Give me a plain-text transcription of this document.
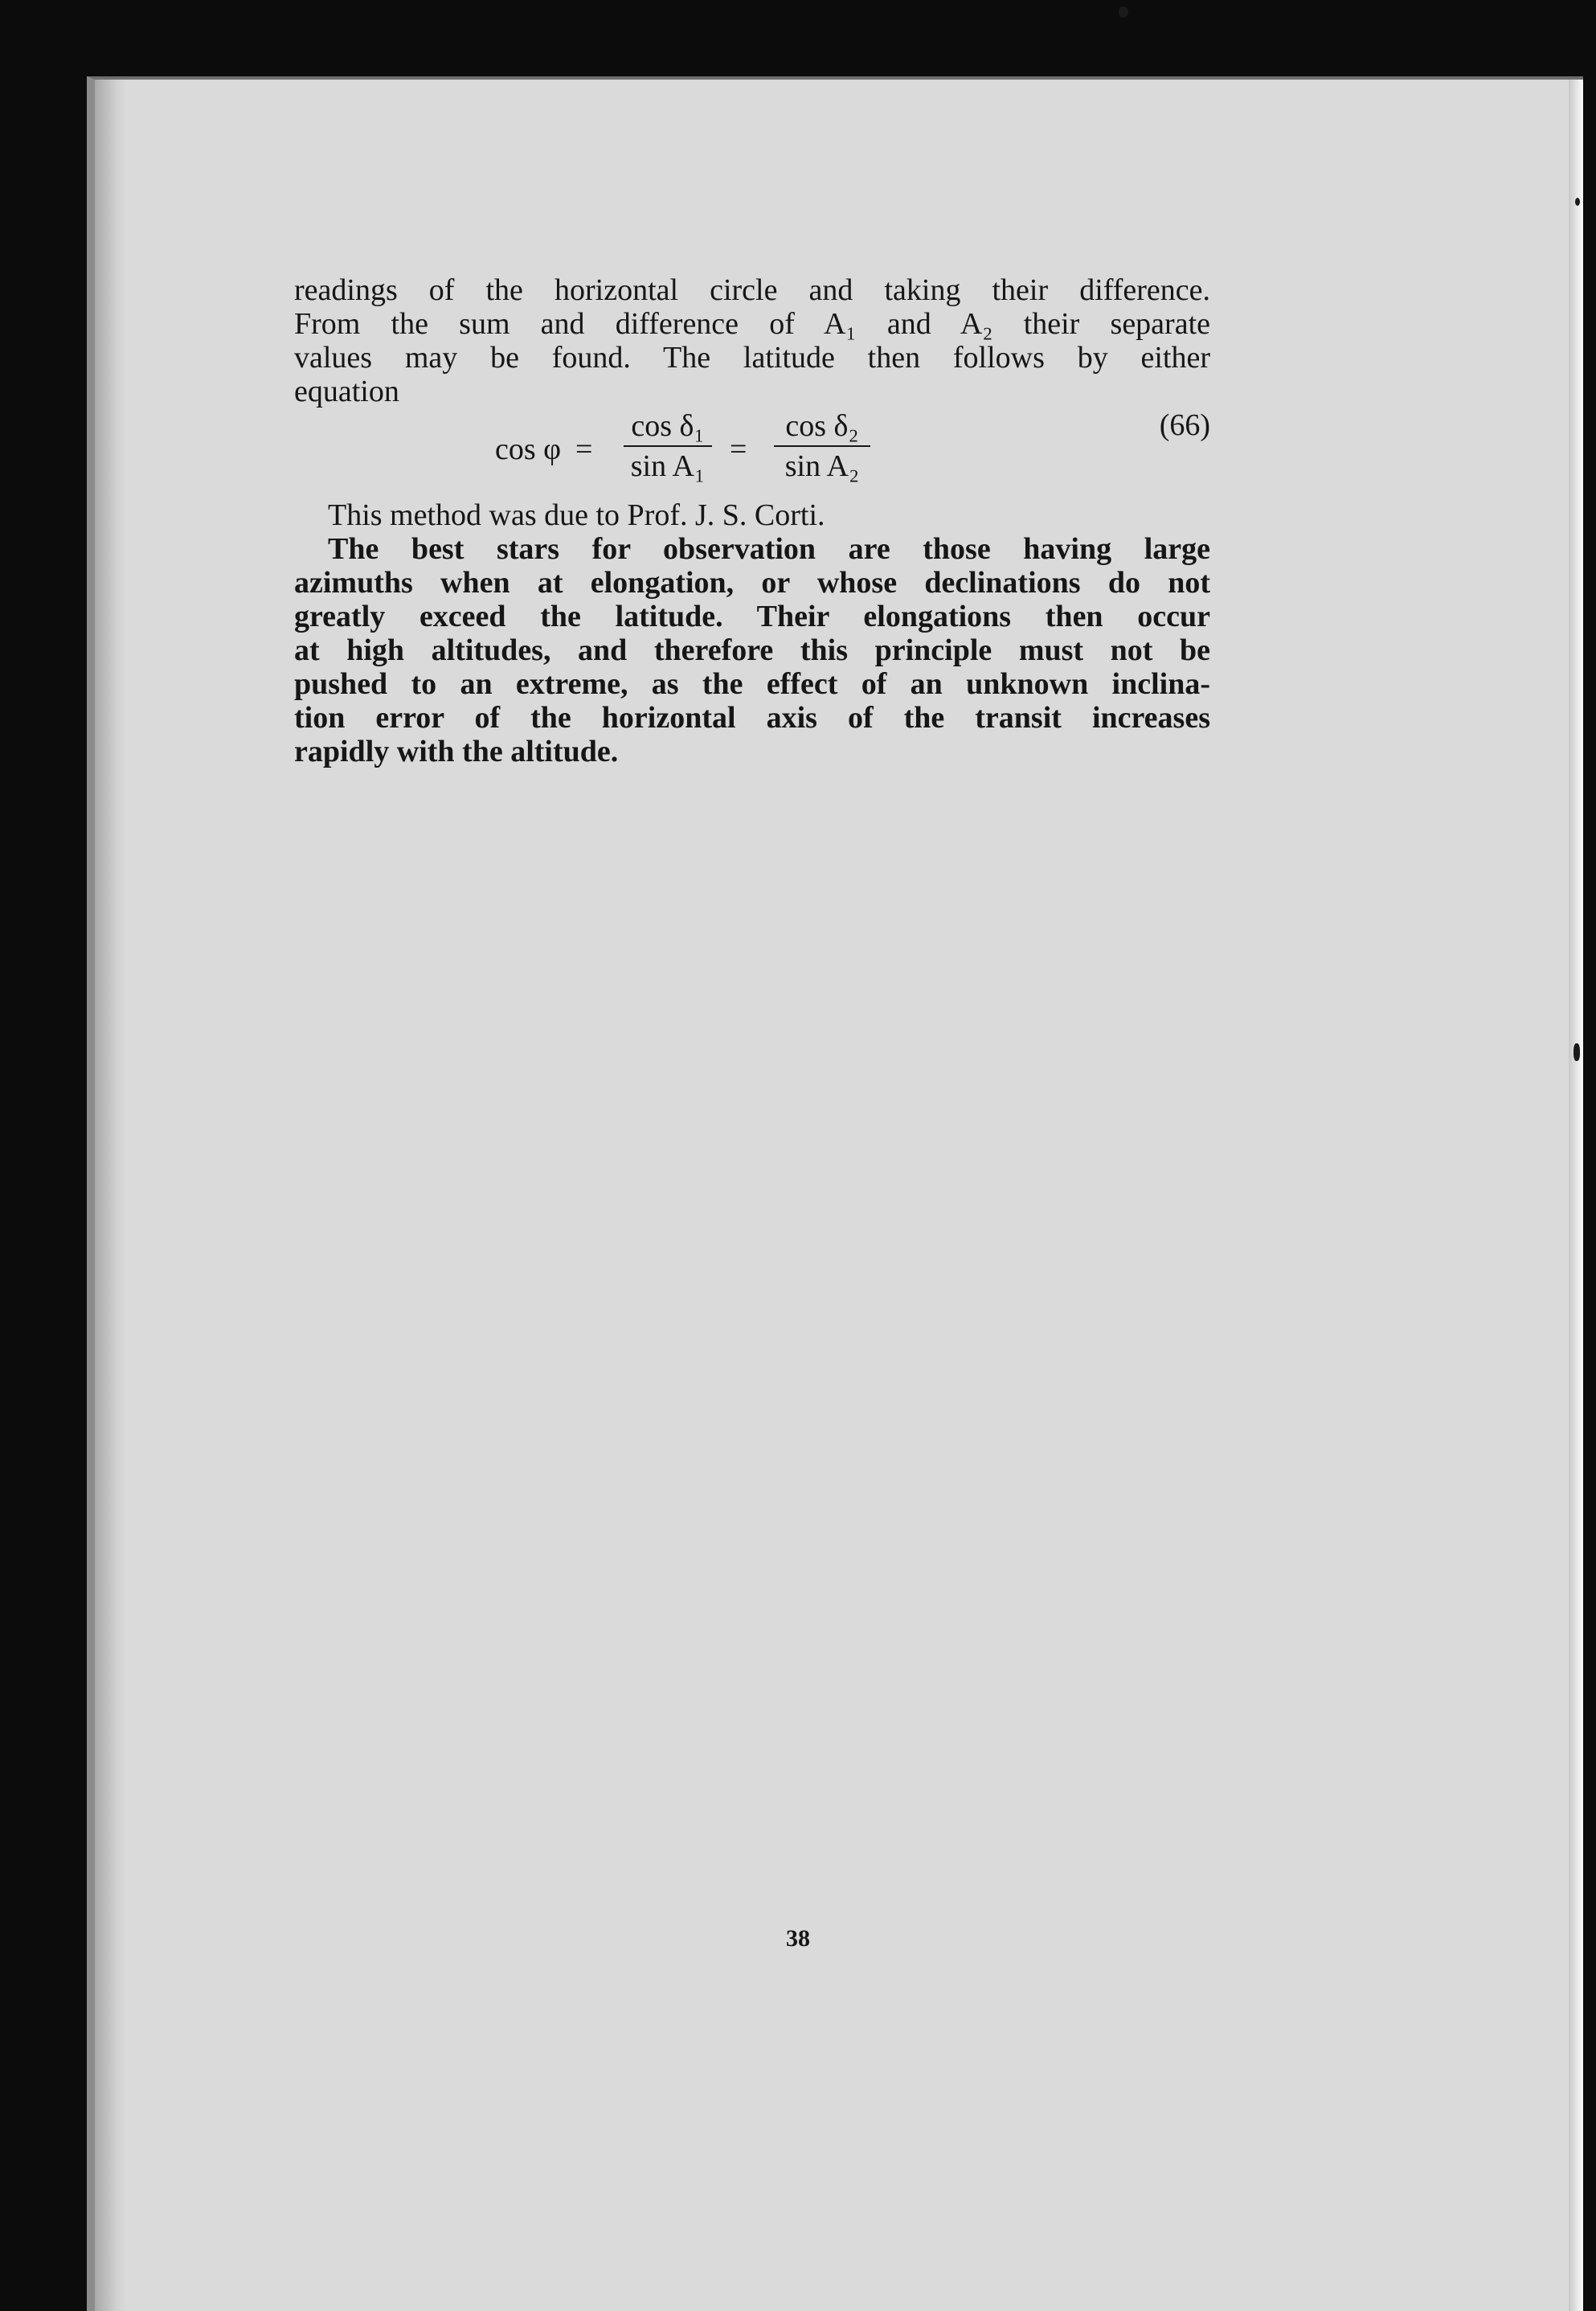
readings of the horizontal circle and taking their difference.

From the sum and difference of A₁ and A₂ their separate

values may be found. The latitude then follows by either

equation

cos φ =
cos δ₁
sin A₁ =
cos δ₂
sin A₂
(66)

This method was due to Prof. J. S. Corti.

The best stars for observation are those having large

azimuths when at elongation, or whose declinations do not

greatly exceed the latitude. Their elongations then occur

at high altitudes, and therefore this principle must not be

pushed to an extreme, as the effect of an unknown inclina-

tion error of the horizontal axis of the transit increases

rapidly with the altitude.

38
